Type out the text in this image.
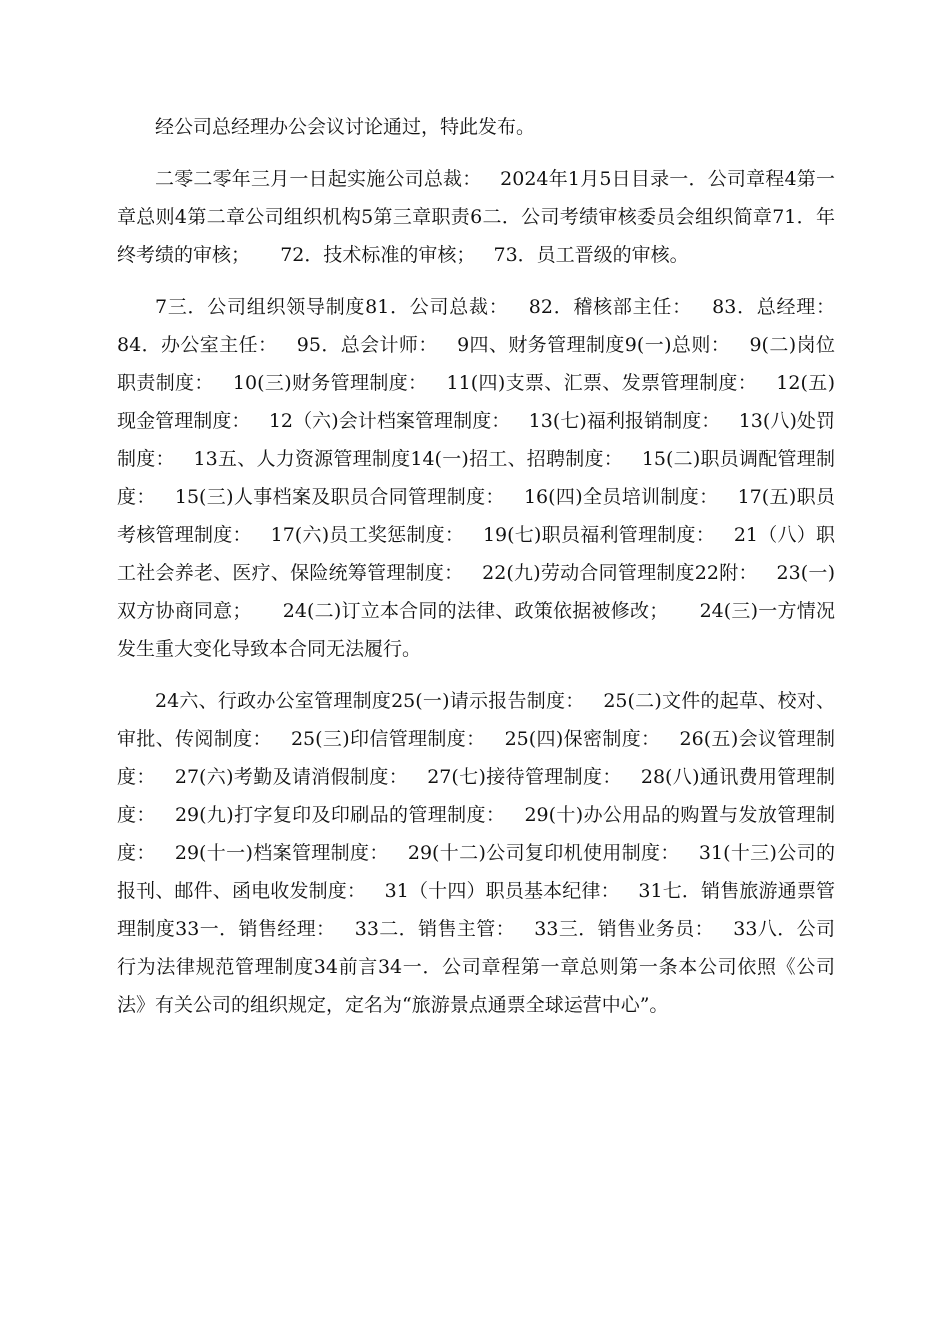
经公司总经理办公会议讨论通过，特此发布。

二零二零年三月一日起实施公司总裁：   2024年1月5日目录一．公司章程4第一章总则4第二章公司组织机构5第三章职责6二．公司考绩审核委员会组织简章71．年终考绩的审核；     72．技术标准的审核；   73．员工晋级的审核。

7三．公司组织领导制度81．公司总裁：   82．稽核部主任：   83．总经理：   84．办公室主任：   95．总会计师：   9四、财务管理制度9(一)总则：   9(二)岗位职责制度：   10(三)财务管理制度：   11(四)支票、汇票、发票管理制度：   12(五)现金管理制度：   12（六)会计档案管理制度：   13(七)福利报销制度：   13(八)处罚制度：   13五、人力资源管理制度14(一)招工、招聘制度：   15(二)职员调配管理制度：   15(三)人事档案及职员合同管理制度：   16(四)全员培训制度：   17(五)职员考核管理制度：   17(六)员工奖惩制度：   19(七)职员福利管理制度：   21（八）职工社会养老、医疗、保险统筹管理制度：   22(九)劳动合同管理制度22附：   23(一)双方协商同意；     24(二)订立本合同的法律、政策依据被修改；     24(三)一方情况发生重大变化导致本合同无法履行。

24六、行政办公室管理制度25(一)请示报告制度：   25(二)文件的起草、校对、审批、传阅制度：   25(三)印信管理制度：   25(四)保密制度：   26(五)会议管理制度：   27(六)考勤及请消假制度：   27(七)接待管理制度：   28(八)通讯费用管理制度：   29(九)打字复印及印刷品的管理制度：   29(十)办公用品的购置与发放管理制度：   29(十一)档案管理制度：   29(十二)公司复印机使用制度：   31(十三)公司的报刊、邮件、函电收发制度：   31（十四）职员基本纪律：   31七．销售旅游通票管理制度33一．销售经理：   33二．销售主管：   33三．销售业务员：   33八．公司行为法律规范管理制度34前言34一．公司章程第一章总则第一条本公司依照《公司法》有关公司的组织规定，定名为“旅游景点通票全球运营中心”。
